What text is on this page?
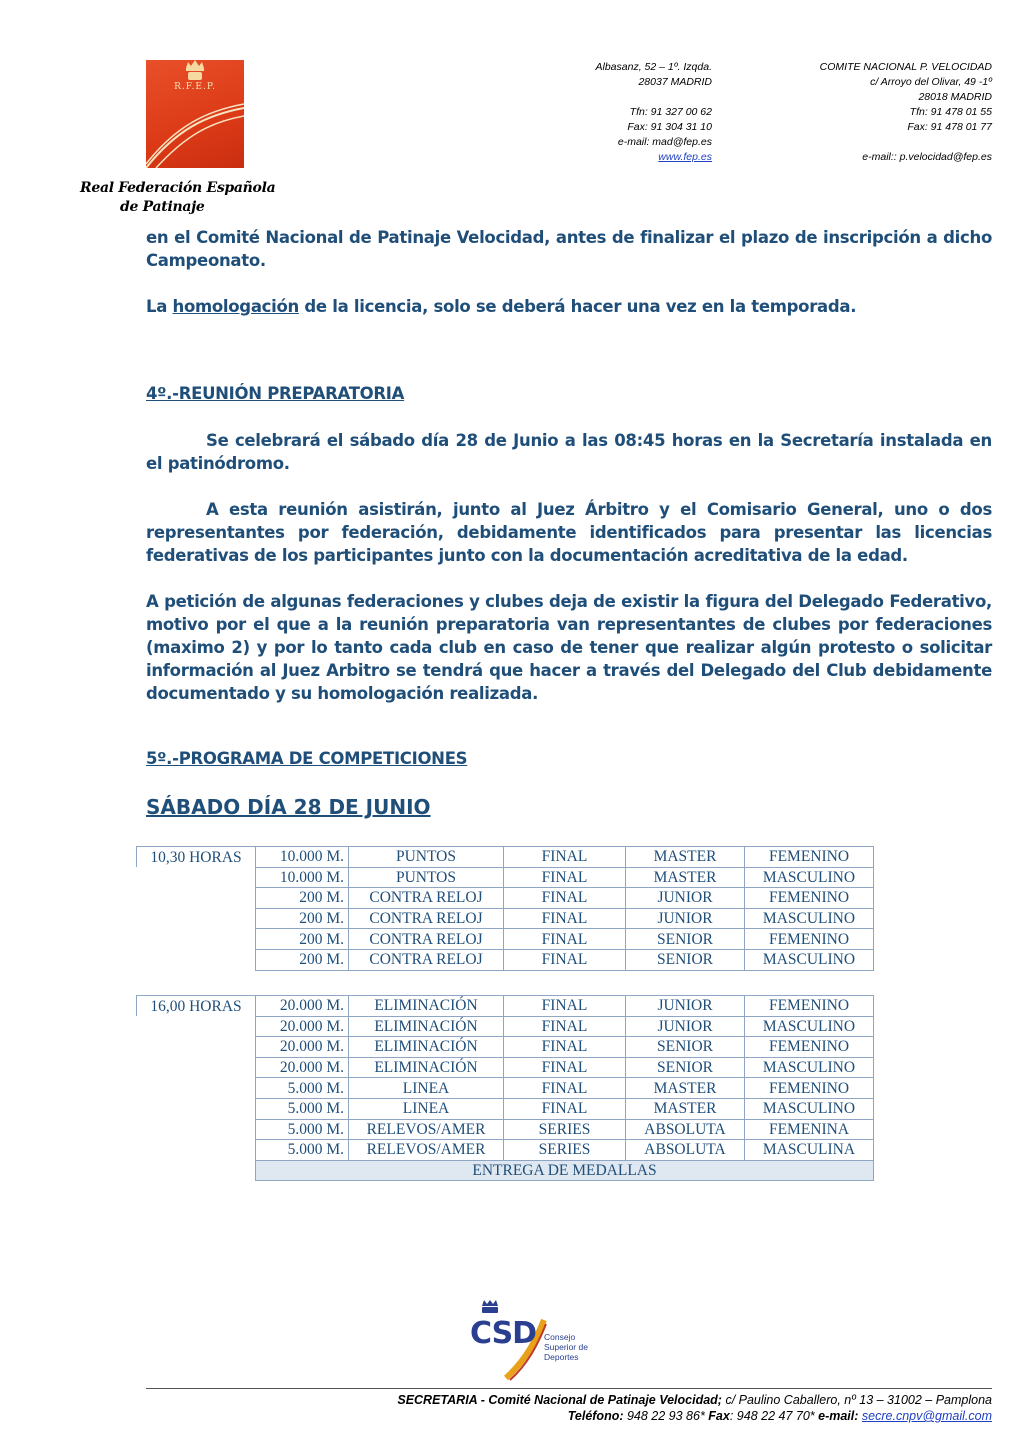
R.F.E.P.
Real Federación Española
de Patinaje
Albasanz, 52 – 1º. Izqda.
28037 MADRID
Tfn: 91 327 00 62
Fax: 91 304 31 10
e-mail: mad@fep.es
www.fep.es
COMITE NACIONAL P. VELOCIDAD
c/ Arroyo del Olivar, 49 -1º
28018 MADRID
Tfn: 91 478 01 55
Fax: 91 478 01 77
e-mail:: p.velocidad@fep.es

en el Comité Nacional de Patinaje Velocidad, antes de finalizar el plazo de inscripción a dicho Campeonato.

La homologación de la licencia, solo se deberá hacer una vez en la temporada.

4º.-REUNIÓN PREPARATORIA

Se celebrará el sábado día 28 de Junio a las 08:45 horas en la Secretaría instalada en el patinódromo.

A esta reunión asistirán, junto al Juez Árbitro y el Comisario General, uno o dos representantes por federación, debidamente identificados para presentar las licencias federativas de los participantes junto con la documentación acreditativa de la edad.

A petición de algunas federaciones y clubes deja de existir la figura del Delegado Federativo, motivo por el que a la reunión preparatoria van representantes de clubes por federaciones (maximo 2) y por lo tanto cada club en caso de tener que realizar algún protesto o solicitar información al Juez Arbitro se tendrá que hacer a través del Delegado del Club debidamente documentado y su homologación realizada.

5º.-PROGRAMA DE COMPETICIONES
SÁBADO DÍA 28 DE JUNIO
10,30 HORAS	10.000 M.	PUNTOS	FINAL	MASTER	FEMENINO
	10.000 M.	PUNTOS	FINAL	MASTER	MASCULINO
	200 M.	CONTRA RELOJ	FINAL	JUNIOR	FEMENINO
	200 M.	CONTRA RELOJ	FINAL	JUNIOR	MASCULINO
	200 M.	CONTRA RELOJ	FINAL	SENIOR	FEMENINO
	200 M.	CONTRA RELOJ	FINAL	SENIOR	MASCULINO
16,00 HORAS	20.000 M.	ELIMINACIÓN	FINAL	JUNIOR	FEMENINO
	20.000 M.	ELIMINACIÓN	FINAL	JUNIOR	MASCULINO
	20.000 M.	ELIMINACIÓN	FINAL	SENIOR	FEMENINO
	20.000 M.	ELIMINACIÓN	FINAL	SENIOR	MASCULINO
	5.000 M.	LINEA	FINAL	MASTER	FEMENINO
	5.000 M.	LINEA	FINAL	MASTER	MASCULINO
	5.000 M.	RELEVOS/AMER	SERIES	ABSOLUTA	FEMENINA
	5.000 M.	RELEVOS/AMER	SERIES	ABSOLUTA	MASCULINA
	ENTREGA DE MEDALLAS				
CSD Consejo
Superior de
Deportes
SECRETARIA - Comité Nacional de Patinaje Velocidad; c/ Paulino Caballero, nº 13 – 31002 – Pamplona
Teléfono: 948 22 93 86* Fax: 948 22 47 70* e-mail: secre.cnpv@gmail.com
